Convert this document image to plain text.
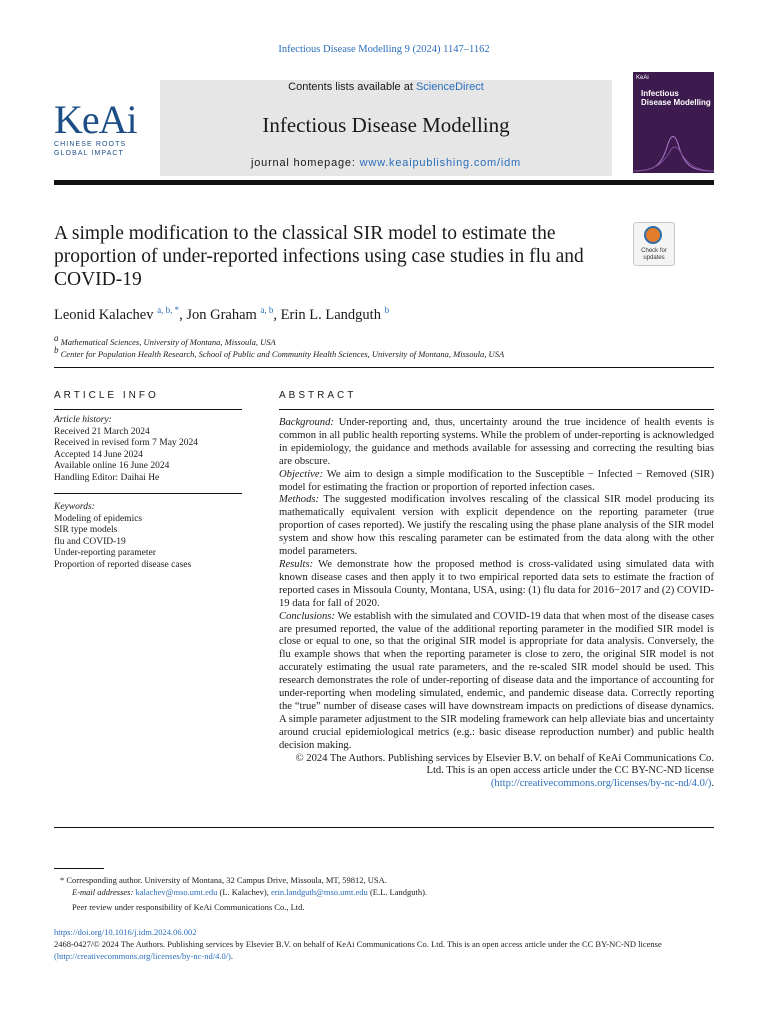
Infectious Disease Modelling 9 (2024) 1147–1162
KeAi
CHINESE ROOTS
GLOBAL IMPACT
Contents lists available at ScienceDirect
Infectious Disease Modelling
journal homepage: www.keaipublishing.com/idm
KeAi
Infectious Disease Modelling
A simple modification to the classical SIR model to estimate the proportion of under-reported infections using case studies in flu and COVID-19
Check for updates
Leonid Kalachev $^{a, b, *}$, Jon Graham $^{a, b}$, Erin L. Landguth $^b$
$^a$ Mathematical Sciences, University of Montana, Missoula, USA
$^b$ Center for Population Health Research, School of Public and Community Health Sciences, University of Montana, Missoula, USA
ARTICLE INFO	ABSTRACT
Article history:
Received 21 March 2024
Received in revised form 7 May 2024
Accepted 14 June 2024
Available online 16 June 2024
Handling Editor: Daihai He
Keywords:
Modeling of epidemics
SIR type models
flu and COVID-19
Under-reporting parameter
Proportion of reported disease cases

Background: Under-reporting and, thus, uncertainty around the true incidence of health events is common in all public health reporting systems. While the problem of under-reporting is acknowledged in epidemiology, the guidance and methods available for assessing and correcting the resulting bias are obscure.

Objective: We aim to design a simple modification to the Susceptible − Infected − Removed (SIR) model for estimating the fraction or proportion of reported infection cases.

Methods: The suggested modification involves rescaling of the classical SIR model producing its mathematically equivalent version with explicit dependence on the reporting parameter (true proportion of cases reported). We justify the rescaling using the phase plane analysis of the SIR model system and show how this rescaling parameter can be estimated from the data along with the other model parameters.

Results: We demonstrate how the proposed method is cross-validated using simulated data with known disease cases and then apply it to two empirical reported data sets to estimate the fraction of reported cases in Missoula County, Montana, USA, using: (1) flu data for 2016−2017 and (2) COVID-19 data for fall of 2020.

Conclusions: We establish with the simulated and COVID-19 data that when most of the disease cases are presumed reported, the value of the additional reporting parameter in the modified SIR model is close or equal to one, so that the original SIR model is appropriate for data analysis. Conversely, the flu example shows that when the reporting parameter is close to zero, the original SIR model is not accurately estimating the usual rate parameters, and the re-scaled SIR model should be used. This research demonstrates the role of under-reporting of disease data and the importance of accounting for under-reporting when modeling simulated, endemic, and pandemic disease data. Correctly reporting the “true” number of disease cases will have downstream impacts on predictions of disease dynamics. A simple parameter adjustment to the SIR modeling framework can help alleviate bias and uncertainty around crucial epidemiological metrics (e.g.: basic disease reproduction number) and public health decision making.

© 2024 The Authors. Publishing services by Elsevier B.V. on behalf of KeAi Communications Co. Ltd. This is an open access article under the CC BY-NC-ND license (http://creativecommons.org/licenses/by-nc-nd/4.0/).

* Corresponding author. University of Montana, 32 Campus Drive, Missoula, MT, 59812, USA.
E-mail addresses: kalachev@mso.umt.edu (L. Kalachev), erin.landguth@mso.umt.edu (E.L. Landguth).
Peer review under responsibility of KeAi Communications Co., Ltd.
https://doi.org/10.1016/j.idm.2024.06.002
2468-0427/© 2024 The Authors. Publishing services by Elsevier B.V. on behalf of KeAi Communications Co. Ltd. This is an open access article under the CC BY-NC-ND license (http://creativecommons.org/licenses/by-nc-nd/4.0/).
